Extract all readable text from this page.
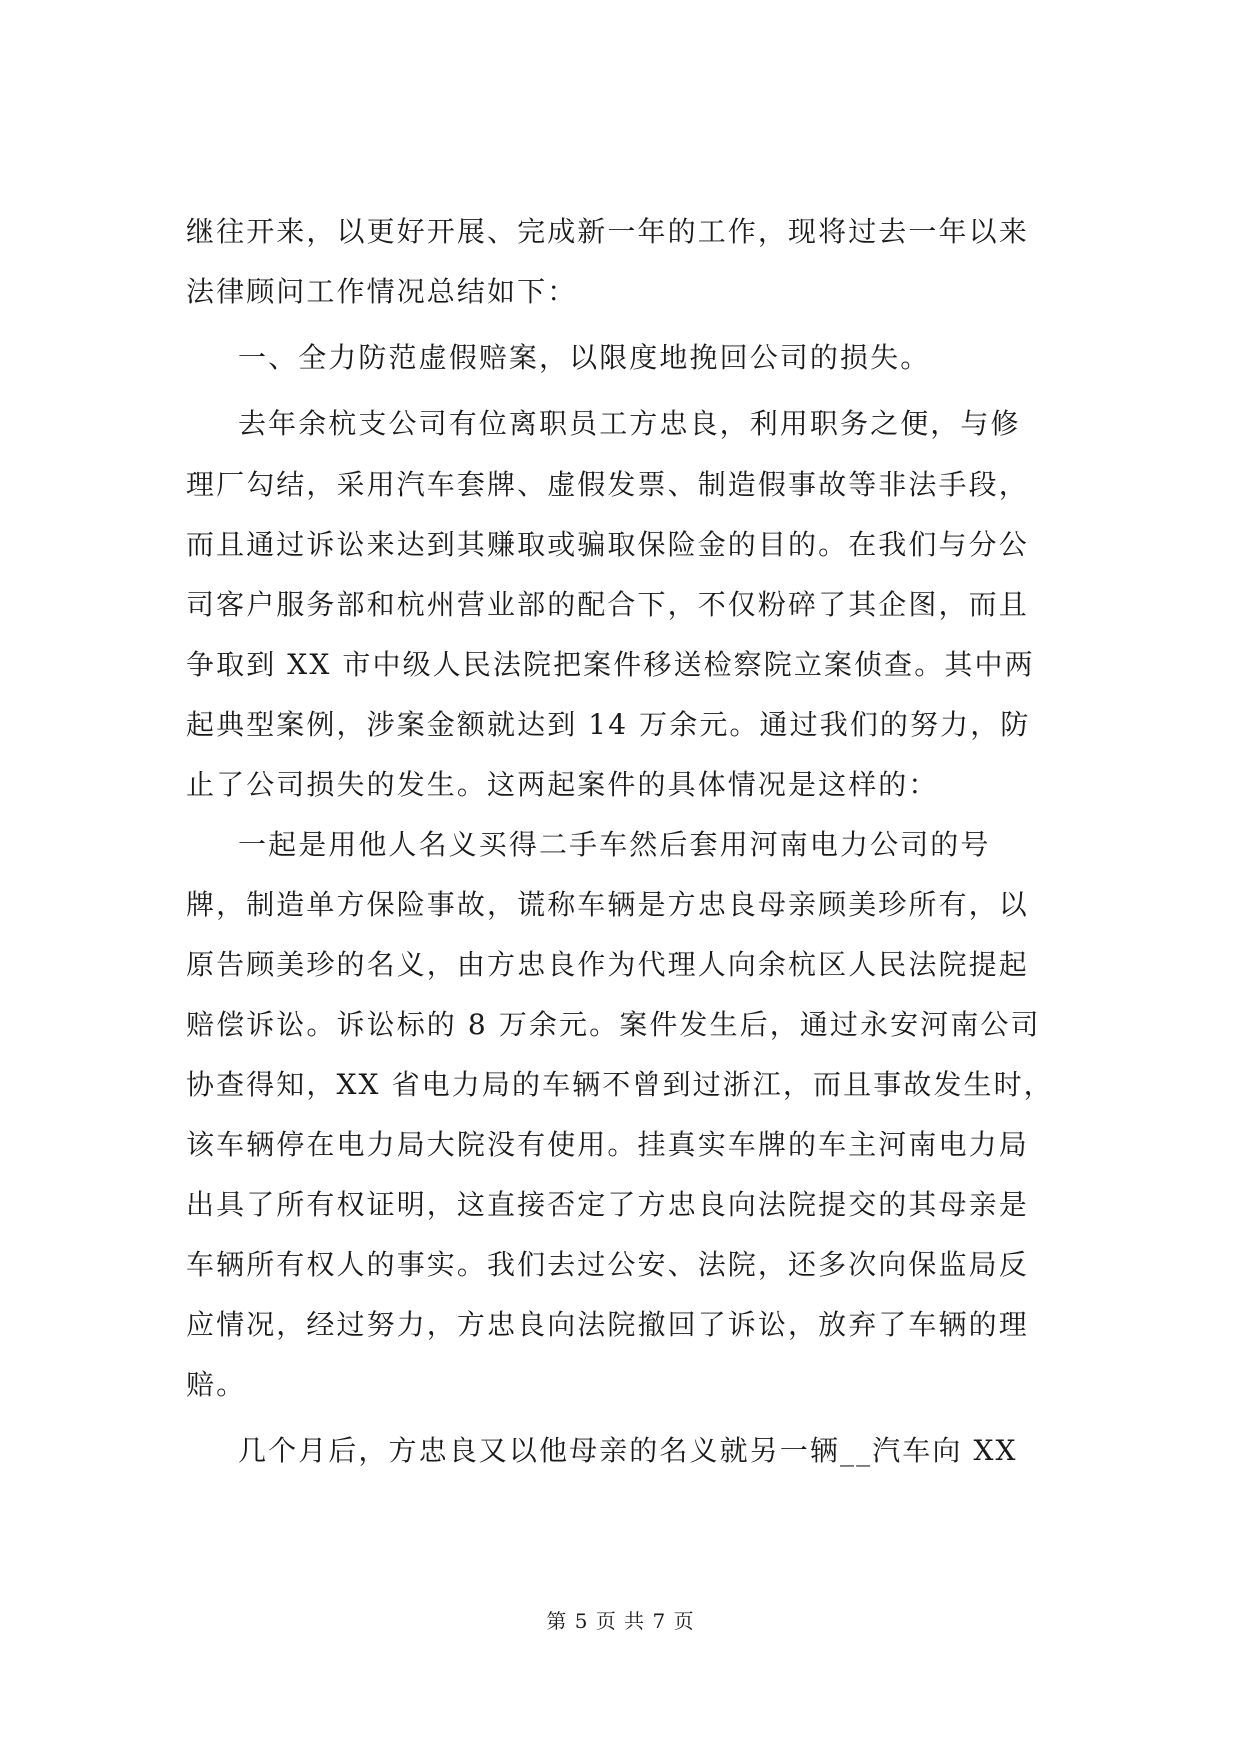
继往开来，以更好开展、完成新一年的工作，现将过去一年以来
法律顾问工作情况总结如下：
一、全力防范虚假赔案，以限度地挽回公司的损失。
去年余杭支公司有位离职员工方忠良，利用职务之便，与修
理厂勾结，采用汽车套牌、虚假发票、制造假事故等非法手段，
而且通过诉讼来达到其赚取或骗取保险金的目的。在我们与分公
司客户服务部和杭州营业部的配合下，不仅粉碎了其企图，而且
争取到 XX 市中级人民法院把案件移送检察院立案侦查。其中两
起典型案例，涉案金额就达到 14 万余元。通过我们的努力，防
止了公司损失的发生。这两起案件的具体情况是这样的：
一起是用他人名义买得二手车然后套用河南电力公司的号
牌，制造单方保险事故，谎称车辆是方忠良母亲顾美珍所有，以
原告顾美珍的名义，由方忠良作为代理人向余杭区人民法院提起
赔偿诉讼。诉讼标的 8 万余元。案件发生后，通过永安河南公司
协查得知，XX 省电力局的车辆不曾到过浙江，而且事故发生时，
该车辆停在电力局大院没有使用。挂真实车牌的车主河南电力局
出具了所有权证明，这直接否定了方忠良向法院提交的其母亲是
车辆所有权人的事实。我们去过公安、法院，还多次向保监局反
应情况，经过努力，方忠良向法院撤回了诉讼，放弃了车辆的理
赔。
几个月后，方忠良又以他母亲的名义就另一辆__汽车向 XX
第 5 页 共 7 页
